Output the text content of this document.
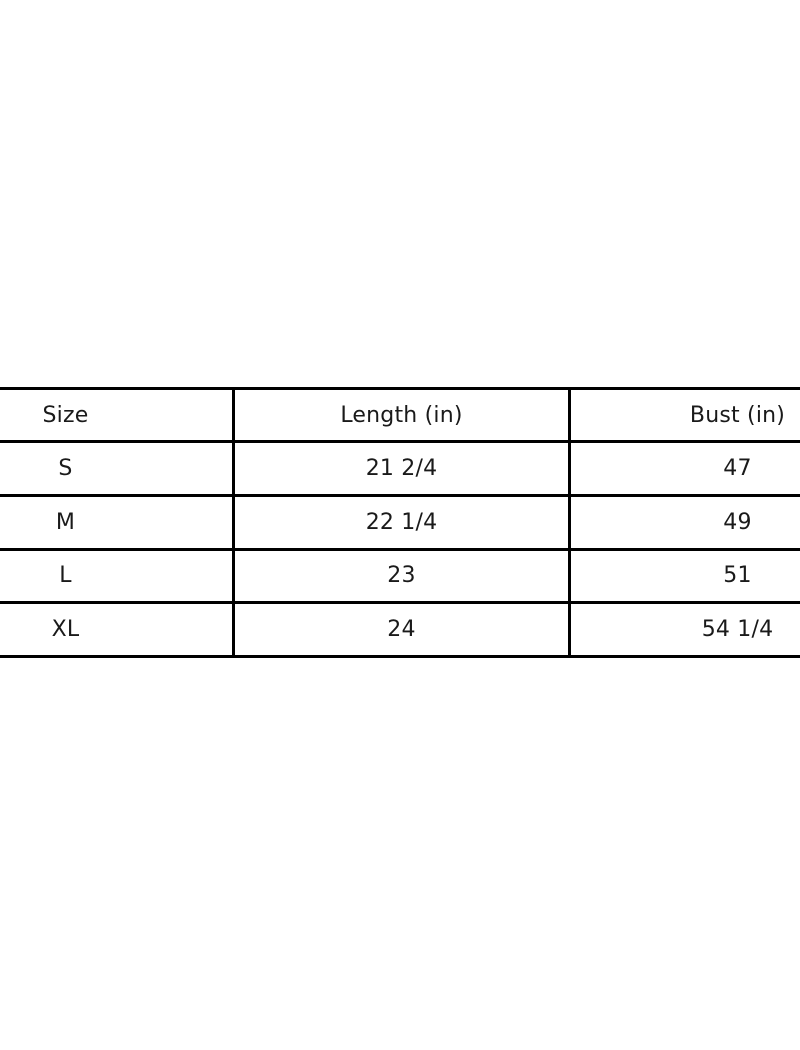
Size	Length (in)	Bust (in)
S	21 2/4	47
M	22 1/4	49
L	23	51
XL	24	54 1/4
